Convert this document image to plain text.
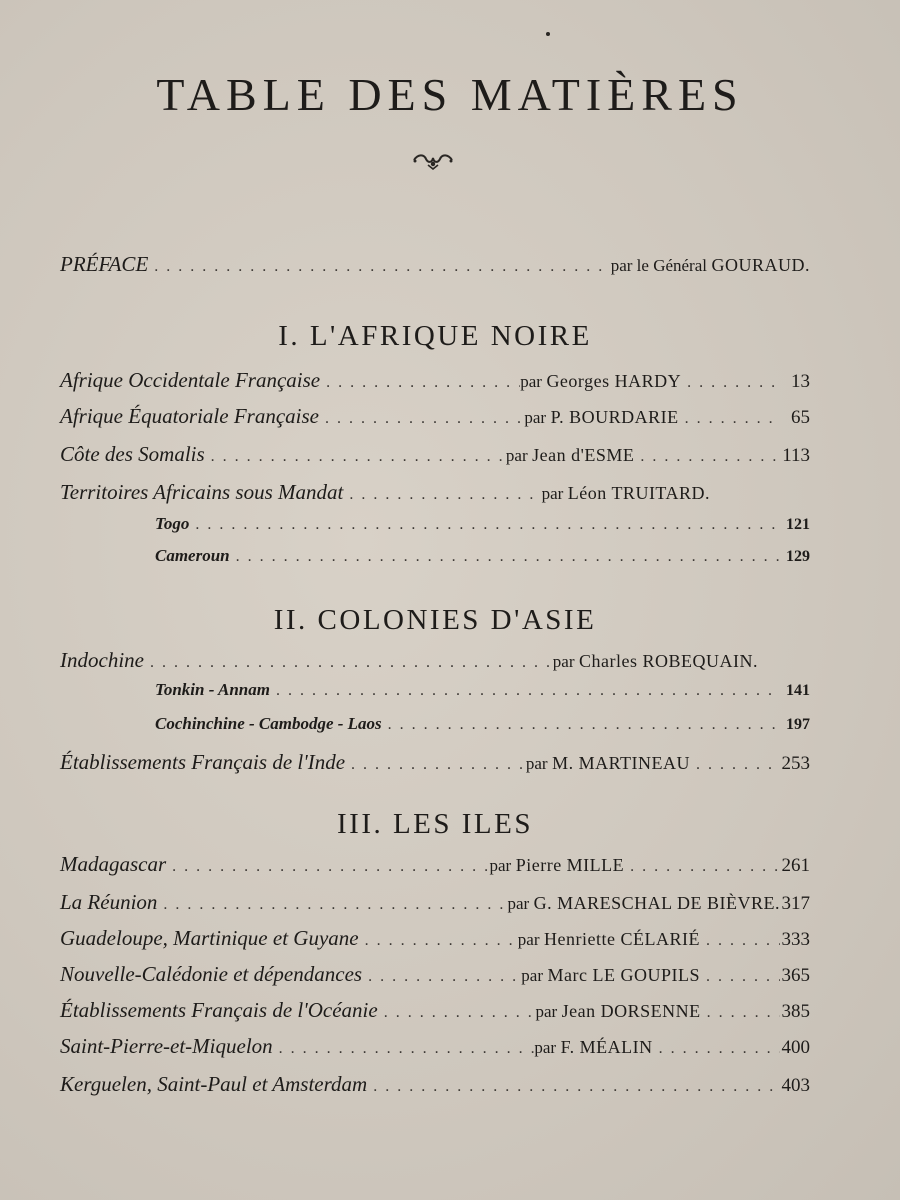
TABLE DES MATIÈRES
PRÉFACE . . .	par le Général GOURAUD.
I. L'AFRIQUE NOIRE
Afrique Occidentale Française . . .	par Georges HARDY . . .	13
Afrique Équatoriale Française . . .	par P. BOURDARIE . . .	65
Côte des Somalis . . .	par Jean d'ESME . . .	113
Territoires Africains sous Mandat . . .	par Léon TRUITARD.
Togo . . .	121
Cameroun . . .	129
II. COLONIES D'ASIE
Indochine . . .	par Charles ROBEQUAIN.
Tonkin - Annam . . .	141
Cochinchine - Cambodge - Laos . . .	197
Établissements Français de l'Inde . . .	par M. MARTINEAU . . .	253
III. LES ILES
Madagascar . . .	par Pierre MILLE . . .	261
La Réunion . . .	par G. MARESCHAL DE BIÈVRE. 317
Guadeloupe, Martinique et Guyane . . .	par Henriette CÉLARIÉ . . .	333
Nouvelle-Calédonie et dépendances . . .	par Marc LE GOUPILS . . .	365
Établissements Français de l'Océanie . . .	par Jean DORSENNE . . .	385
Saint-Pierre-et-Miquelon . . .	par F. MÉALIN . . .	400
Kerguelen, Saint-Paul et Amsterdam . . .	403
